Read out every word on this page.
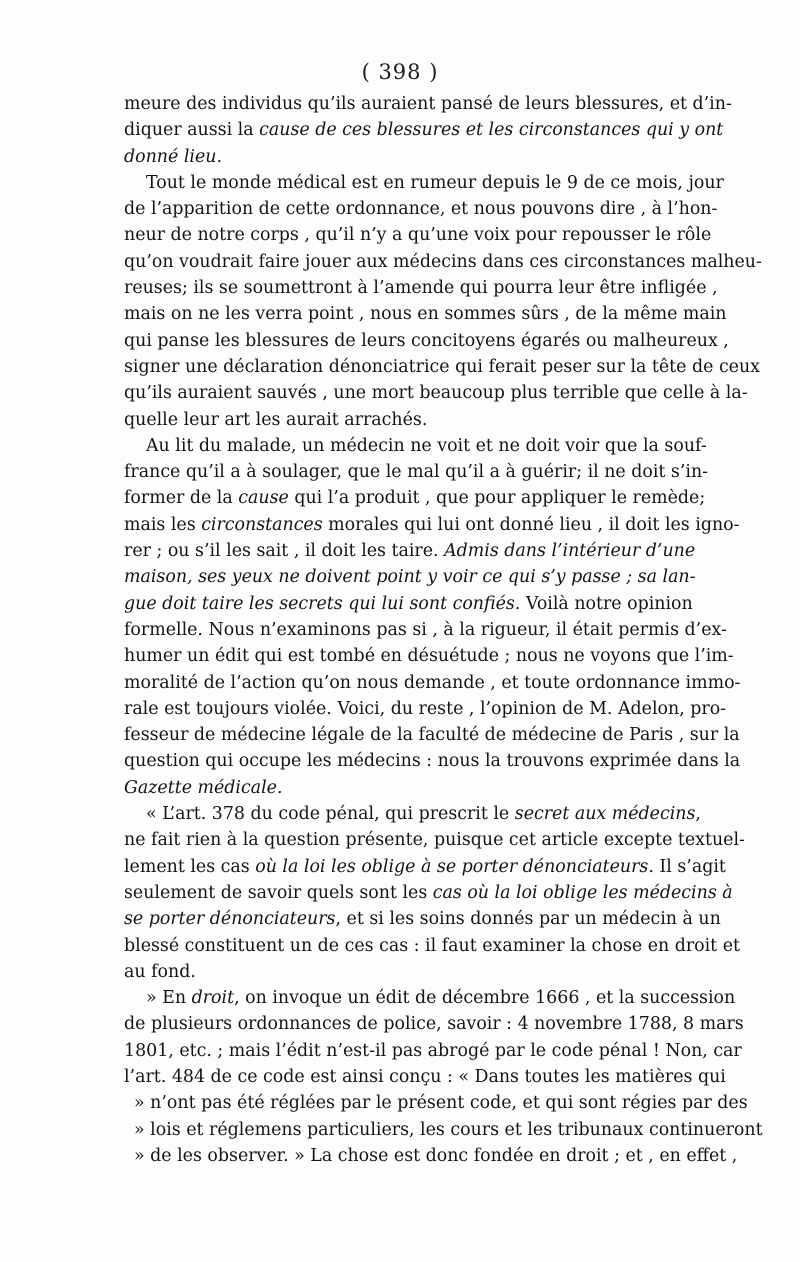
( 398 )
meure des individus qu’ils auraient pansé de leurs blessures, et d’in-
diquer aussi la cause de ces blessures et les circonstances qui y ont
donné lieu.
Tout le monde médical est en rumeur depuis le 9 de ce mois, jour
de l’apparition de cette ordonnance, et nous pouvons dire , à l’hon-
neur de notre corps , qu’il n’y a qu’une voix pour repousser le rôle
qu’on voudrait faire jouer aux médecins dans ces circonstances malheu-
reuses; ils se soumettront à l’amende qui pourra leur être infligée ,
mais on ne les verra point , nous en sommes sûrs , de la même main
qui panse les blessures de leurs concitoyens égarés ou malheureux ,
signer une déclaration dénonciatrice qui ferait peser sur la tête de ceux
qu’ils auraient sauvés , une mort beaucoup plus terrible que celle à la-
quelle leur art les aurait arrachés.
Au lit du malade, un médecin ne voit et ne doit voir que la souf-
france qu’il a à soulager, que le mal qu’il a à guérir; il ne doit s’in-
former de la cause qui l’a produit , que pour appliquer le remède;
mais les circonstances morales qui lui ont donné lieu , il doit les igno-
rer ; ou s’il les sait , il doit les taire. Admis dans l’intérieur d’une
maison, ses yeux ne doivent point y voir ce qui s’y passe ; sa lan-
gue doit taire les secrets qui lui sont confiés. Voilà notre opinion
formelle. Nous n’examinons pas si , à la rigueur, il était permis d’ex-
humer un édit qui est tombé en désuétude ; nous ne voyons que l’im-
moralité de l’action qu’on nous demande , et toute ordonnance immo-
rale est toujours violée. Voici, du reste , l’opinion de M. Adelon, pro-
fesseur de médecine légale de la faculté de médecine de Paris , sur la
question qui occupe les médecins : nous la trouvons exprimée dans la
Gazette médicale.
« L’art. 378 du code pénal, qui prescrit le secret aux médecins,
ne fait rien à la question présente, puisque cet article excepte textuel-
lement les cas où la loi les oblige à se porter dénonciateurs. Il s’agit
seulement de savoir quels sont les cas où la loi oblige les médecins à
se porter dénonciateurs, et si les soins donnés par un médecin à un
blessé constituent un de ces cas : il faut examiner la chose en droit et
au fond.
» En droit, on invoque un édit de décembre 1666 , et la succession
de plusieurs ordonnances de police, savoir : 4 novembre 1788, 8 mars
1801, etc. ; mais l’édit n’est-il pas abrogé par le code pénal ! Non, car
l’art. 484 de ce code est ainsi conçu : « Dans toutes les matières qui
» n’ont pas été réglées par le présent code, et qui sont régies par des
» lois et réglemens particuliers, les cours et les tribunaux continueront
» de les observer. » La chose est donc fondée en droit ; et , en effet ,
